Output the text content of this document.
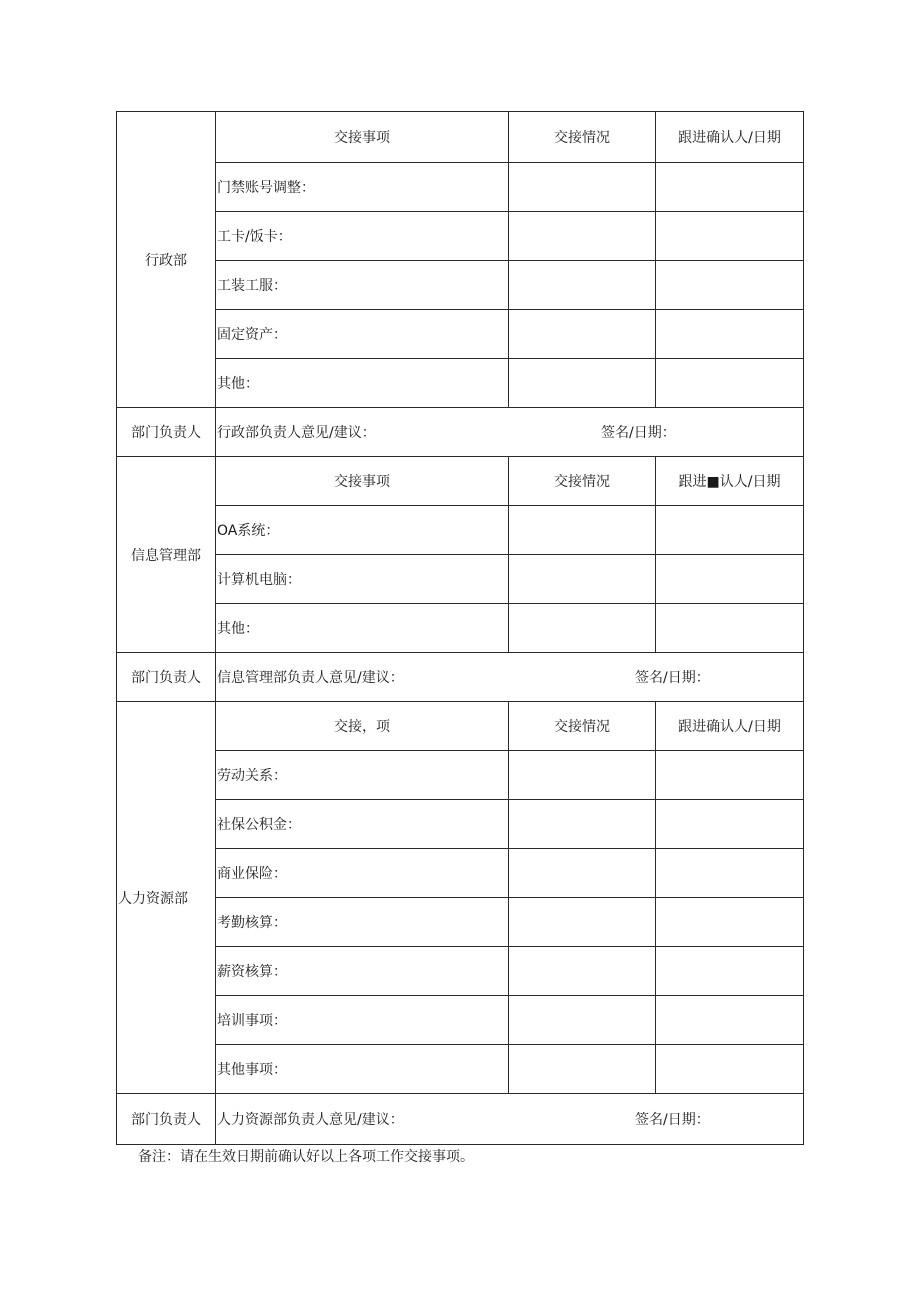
行政部	交接事项	交接情况	跟进确认人/日期
	门禁账号调整：		
	工卡/饭卡：		
	工装工服：		
	固定资产：		
	其他：		
部门负责人	行政部负责人意见/建议： 签名/日期：		

信息管理部	交接事项	交接情况	跟进■认人/日期
	OA系统：		
	计算机电脑：		
	其他：		
部门负责人	信息管理部负责人意见/建议： 签名/日期：		

人力资源部	交接，项	交接情况	跟进确认人/日期
	劳动关系：		
	社保公积金：		
	商业保险：		
	考勤核算：		
	薪资核算：		
	培训事项：		
	其他事项：		
部门负责人	人力资源部负责人意见/建议： 签名/日期：		
备注：请在生效日期前确认好以上各项工作交接事项。
